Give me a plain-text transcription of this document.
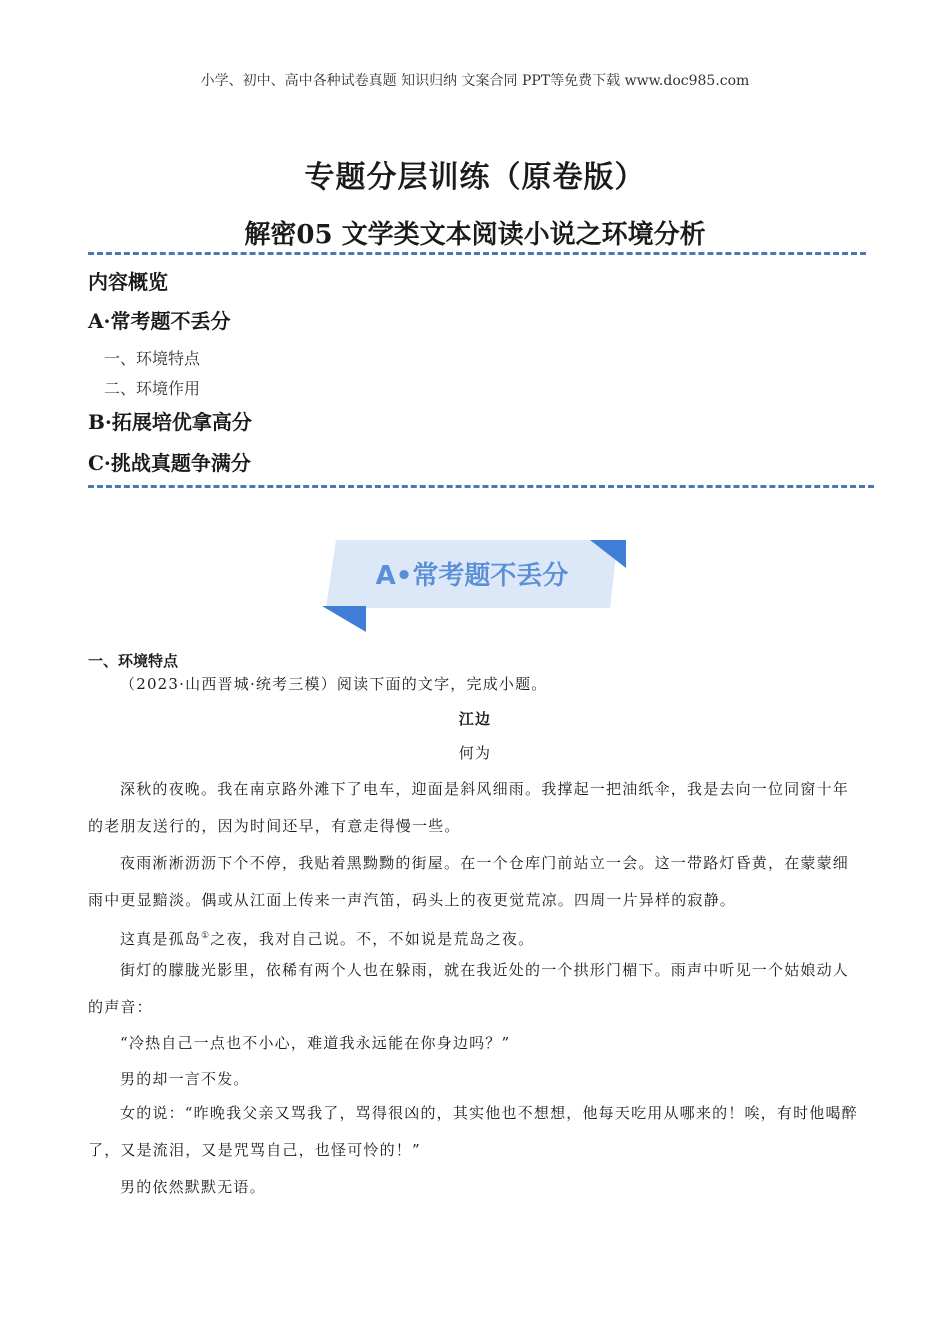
小学、初中、高中各种试卷真题 知识归纳 文案合同 PPT等免费下载 www.doc985.com
专题分层训练（原卷版）
解密05 文学类文本阅读小说之环境分析
内容概览
A·常考题不丢分
一、环境特点
二、环境作用
B·拓展培优拿高分
C·挑战真题争满分
A•常考题不丢分
一、环境特点
（2023·山西晋城·统考三模）阅读下面的文字，完成小题。
江边
何为
深秋的夜晚。我在南京路外滩下了电车，迎面是斜风细雨。我撑起一把油纸伞，我是去向一位同窗十年的老朋友送行的，因为时间还早，有意走得慢一些。
夜雨淅淅沥沥下个不停，我贴着黑黝黝的街屋。在一个仓库门前站立一会。这一带路灯昏黄，在蒙蒙细雨中更显黯淡。偶或从江面上传来一声汽笛，码头上的夜更觉荒凉。四周一片异样的寂静。
这真是孤岛①之夜，我对自己说。不，不如说是荒岛之夜。
街灯的朦胧光影里，依稀有两个人也在躲雨，就在我近处的一个拱形门楣下。雨声中听见一个姑娘动人的声音：
“冷热自己一点也不小心，难道我永远能在你身边吗？”
男的却一言不发。
女的说：“昨晚我父亲又骂我了，骂得很凶的，其实他也不想想，他每天吃用从哪来的！唉，有时他喝醉了，又是流泪，又是咒骂自己，也怪可怜的！”
男的依然默默无语。
